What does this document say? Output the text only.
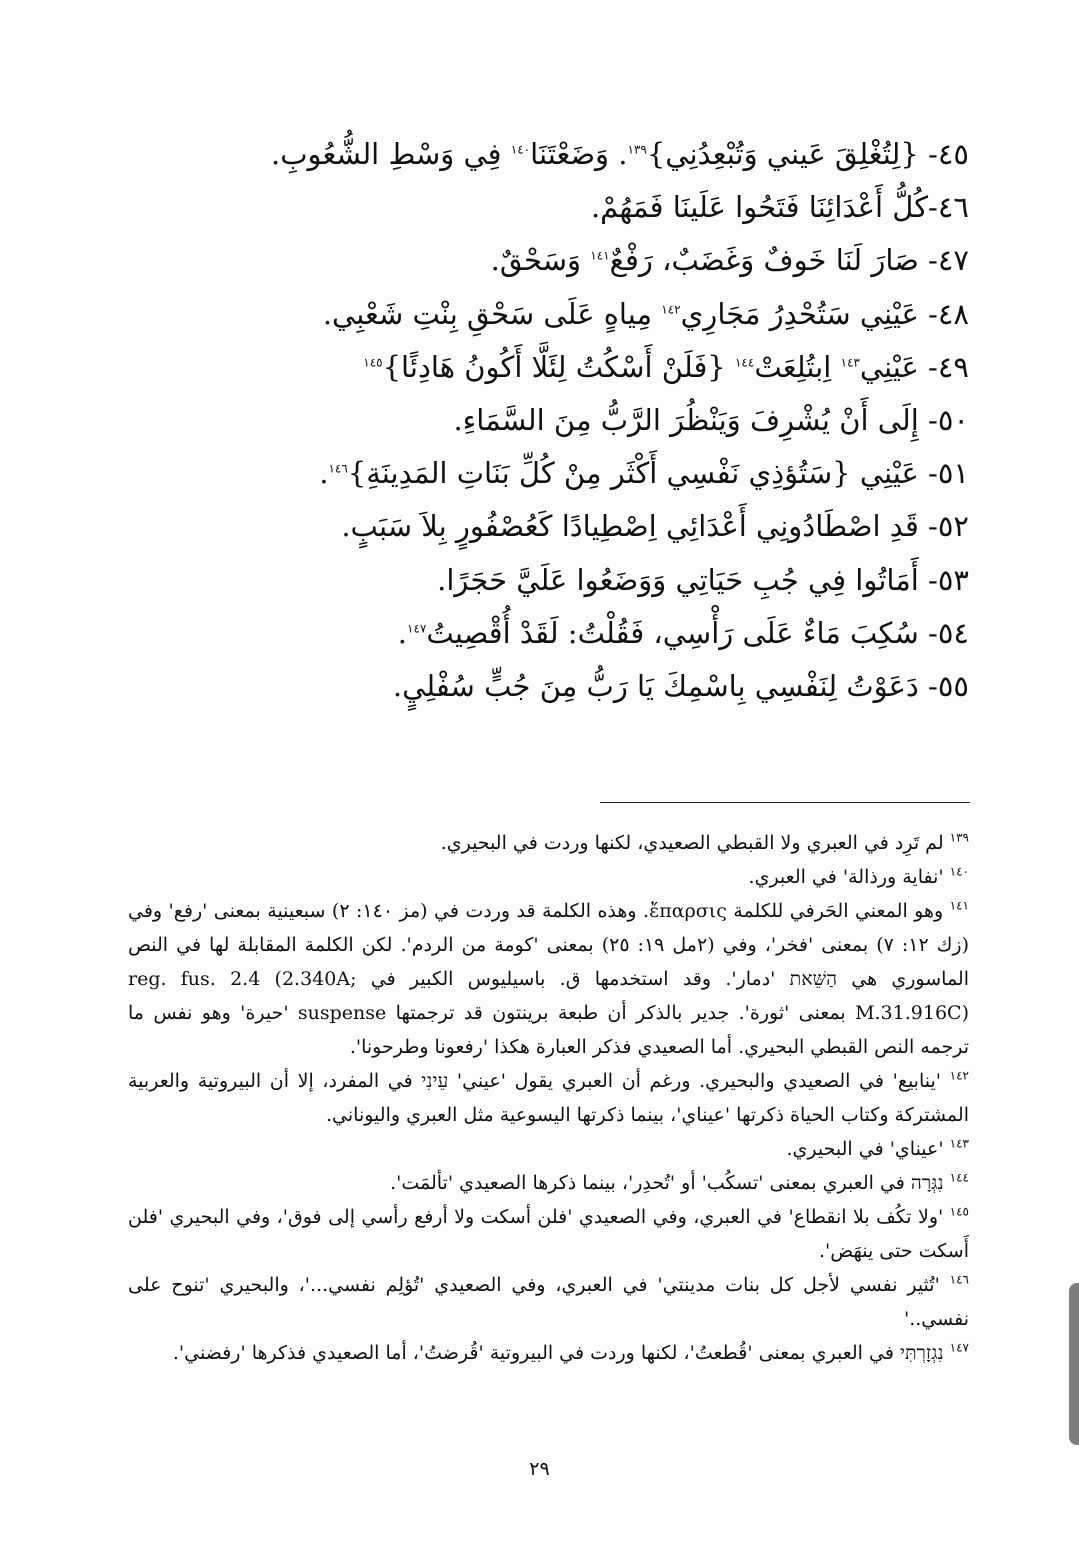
٤٥- {لِتُغْلِقَ عَيني وَتُبْعِدُنِي}$^{١٣٩}$. وَضَعْتَنَا$^{١٤٠}$ فِي وَسْطِ الشُّعُوبِ.
٤٦-كُلُّ أَعْدَائِنَا فَتَحُوا عَلَينَا فَمَهُمْ.
٤٧- صَارَ لَنَا خَوفٌ وَغَضَبٌ، رَفْعٌ$^{١٤١}$ وَسَحْقٌ.
٤٨- عَيْنِي سَتُحْدِرُ مَجَارِي$^{١٤٢}$ مِياهٍ عَلَى سَحْقِ بِنْتِ شَعْبِي.
٤٩- عَيْنِي$^{١٤٣}$ اِبتُلِعَتْ$^{١٤٤}$ {فَلَنْ أَسْكُتُ لِئَلَّا أَكُونُ هَادِئًا}$^{١٤٥}$
٥٠- إِلَى أَنْ يُشْرِفَ وَيَنْظُرَ الرَّبُّ مِنَ السَّمَاءِ.
٥١- عَيْنِي {سَتُؤذِي نَفْسِي أَكْثَر مِنْ كُلِّ بَنَاتِ المَدِينَةِ}$^{١٤٦}$.
٥٢- قَدِ اصْطَادُونِي أَعْدَائِي اِصْطِيادًا كَعُصْفُورٍ بِلاَ سَبَبٍ.
٥٣- أَمَاتُوا فِي جُبِ حَيَاتِي وَوَضَعُوا عَلَيَّ حَجَرًا.
٥٤- سُكِبَ مَاءٌ عَلَى رَأْسِي، فَقُلْتُ: لَقَدْ أُقْصِيتُ$^{١٤٧}$.
٥٥- دَعَوْتُ لِنَفْسِي بِاسْمِكَ يَا رَبُّ مِنَ جُبٍّ سُفْلِيٍ.
$^{١٣٩}$ لم تَرِد في العبري ولا القبطي الصعيدي، لكنها وردت في البحيري.
$^{١٤٠}$ 'نفاية ورذالة' في العبري.
$^{١٤١}$ وهو المعني الحَرفي للكلمة ἔπαρσις. وهذه الكلمة قد وردت في (مز ١٤٠: ٢) سبعينية بمعنى 'رفع' وفي (زك ١٢: ٧) بمعنى 'فخر'، وفي (٢مل ١٩: ٢٥) بمعنى 'كومة من الردم'. لكن الكلمة المقابلة لها في النص الماسوري هي הַשֵּׁאת 'دمار'. وقد استخدمها ق. باسيليوس الكبير في reg. fus. 2.4 (2.340A; M.31.916C) بمعنى 'ثورة'. جدير بالذكر أن طبعة برينتون قد ترجمتها suspense 'حيرة' وهو نفس ما ترجمه النص القبطي البحيري. أما الصعيدي فذكر العبارة هكذا 'رفعونا وطرحونا'.
$^{١٤٢}$ 'ينابيع' في الصعيدي والبحيري. ورغم أن العبري يقول 'عيني' עֵינִי في المفرد، إلا أن البيروتية والعربية المشتركة وكتاب الحياة ذكرتها 'عيناي'، بينما ذكرتها اليسوعية مثل العبري واليوناني.
$^{١٤٣}$ 'عيناي' في البحيري.
$^{١٤٤}$ נִגְּרָה في العبري بمعنى 'تسكُب' أو 'تُحدِر'، بينما ذكرها الصعيدي 'تألمَت'.
$^{١٤٥}$ 'ولا تكُف بلا انقطاع' في العبري، وفي الصعيدي 'فلن أسكت ولا أرفع رأسي إلى فوق'، وفي البحيري 'فلن أَسكت حتى ينهَض'.
$^{١٤٦}$ 'تُثير نفسي لأجل كل بنات مدينتي' في العبري، وفي الصعيدي 'تُؤلِم نفسي...'، والبحيري 'تنوح على نفسي..'
$^{١٤٧}$ נִגְזָרְתִּי في العبري بمعنى 'قُطعتُ'، لكنها وردت في البيروتية 'قُرضتُ'، أما الصعيدي فذكرها 'رفضني'.
٢٩
